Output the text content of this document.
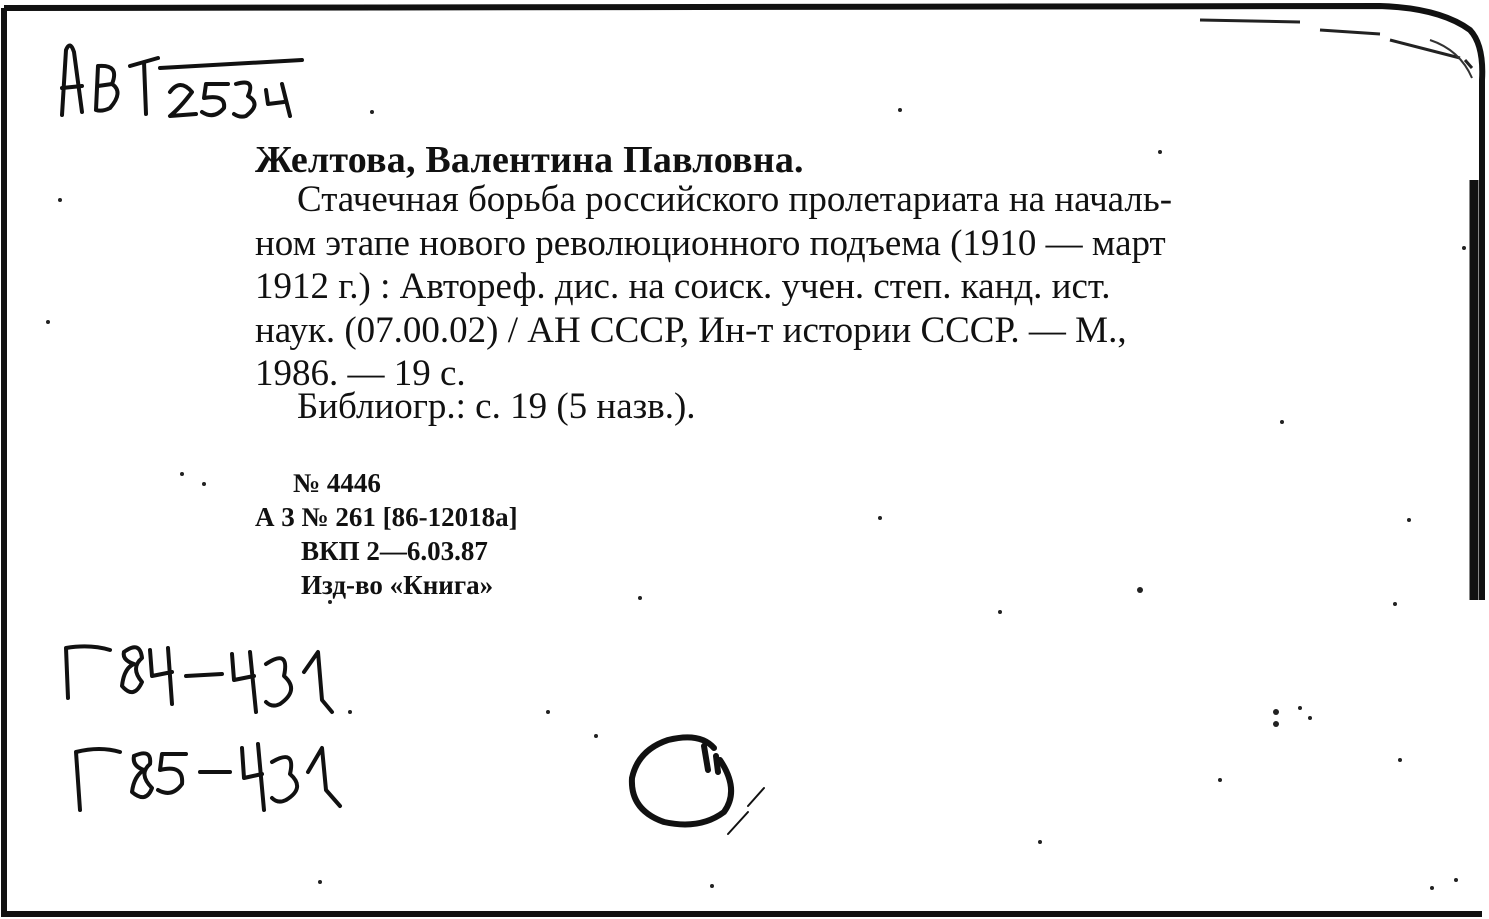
Желтова, Валентина Павловна.
Стачечная борьба российского пролетариата на началь-
ном этапе нового революционного подъема (1910 — март
1912 г.) : Автореф. дис. на соиск. учен. степ. канд. ист.
наук. (07.00.02) / АН СССР, Ин-т истории СССР. — М.,
1986. — 19 с.
Библиогр.: с. 19 (5 назв.).
№ 4446
А 3 № 261 [86-12018а]
ВКП 2—6.03.87
Изд-во «Книга»
